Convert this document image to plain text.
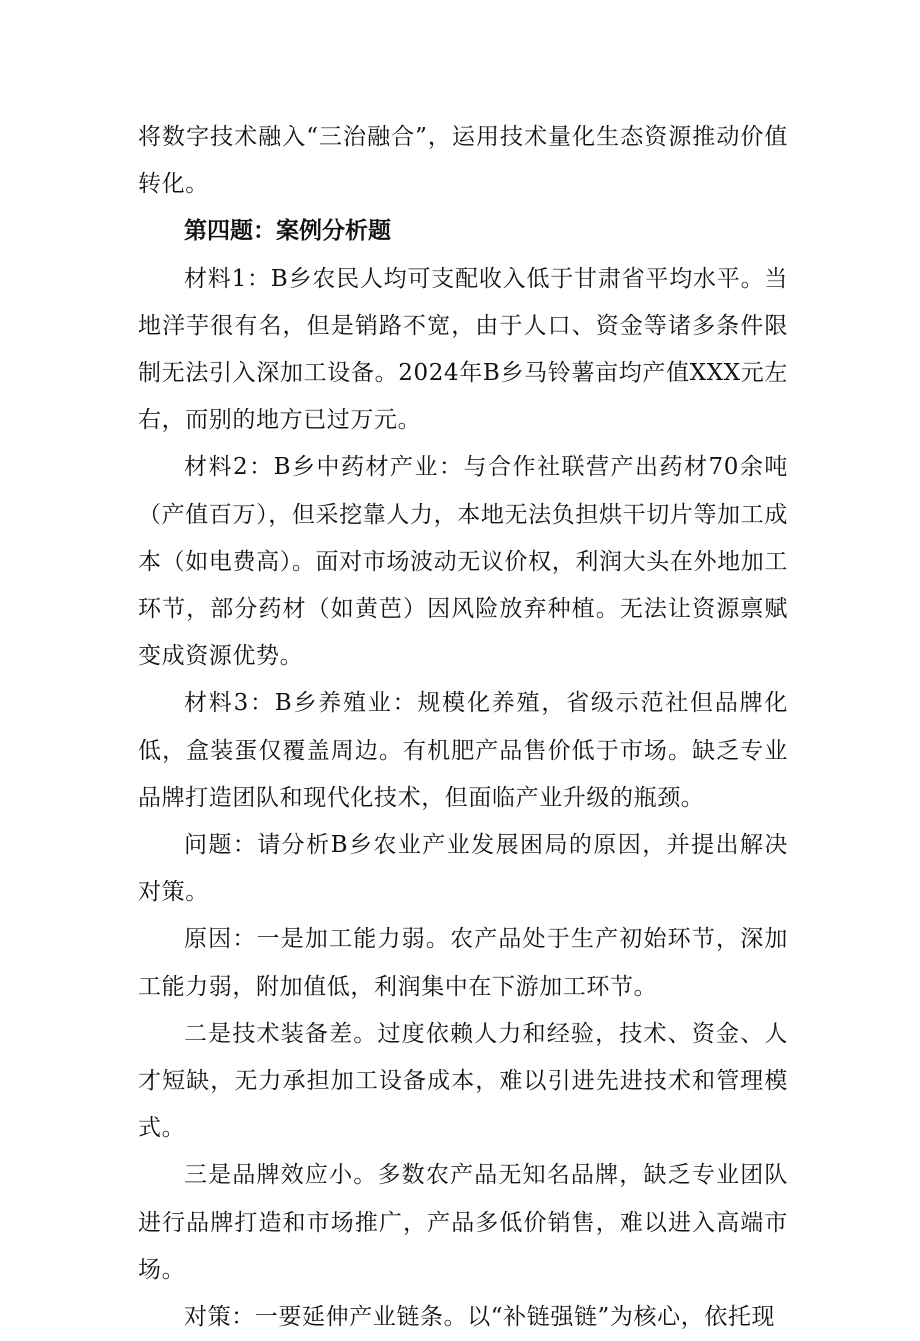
将数字技术融入“三治融合”，运用技术量化生态资源推动价值转化。

第四题：案例分析题

材料1：B乡农民人均可支配收入低于甘肃省平均水平。当地洋芋很有名，但是销路不宽，由于人口、资金等诸多条件限制无法引入深加工设备。2024年B乡马铃薯亩均产值XXX元左右，而别的地方已过万元。

材料2：B乡中药材产业：与合作社联营产出药材70余吨（产值百万），但采挖靠人力，本地无法负担烘干切片等加工成本（如电费高）。面对市场波动无议价权，利润大头在外地加工环节，部分药材（如黄芭）因风险放弃种植。无法让资源禀赋变成资源优势。

材料3：B乡养殖业：规模化养殖，省级示范社但品牌化低，盒装蛋仅覆盖周边。有机肥产品售价低于市场。缺乏专业品牌打造团队和现代化技术，但面临产业升级的瓶颈。

问题：请分析B乡农业产业发展困局的原因，并提出解决对策。

原因：一是加工能力弱。农产品处于生产初始环节，深加工能力弱，附加值低，利润集中在下游加工环节。

二是技术装备差。过度依赖人力和经验，技术、资金、人才短缺，无力承担加工设备成本，难以引进先进技术和管理模式。

三是品牌效应小。多数农产品无知名品牌，缺乏专业团队进行品牌打造和市场推广，产品多低价销售，难以进入高端市场。

对策：一要延伸产业链条。以“补链强链”为核心，依托现
